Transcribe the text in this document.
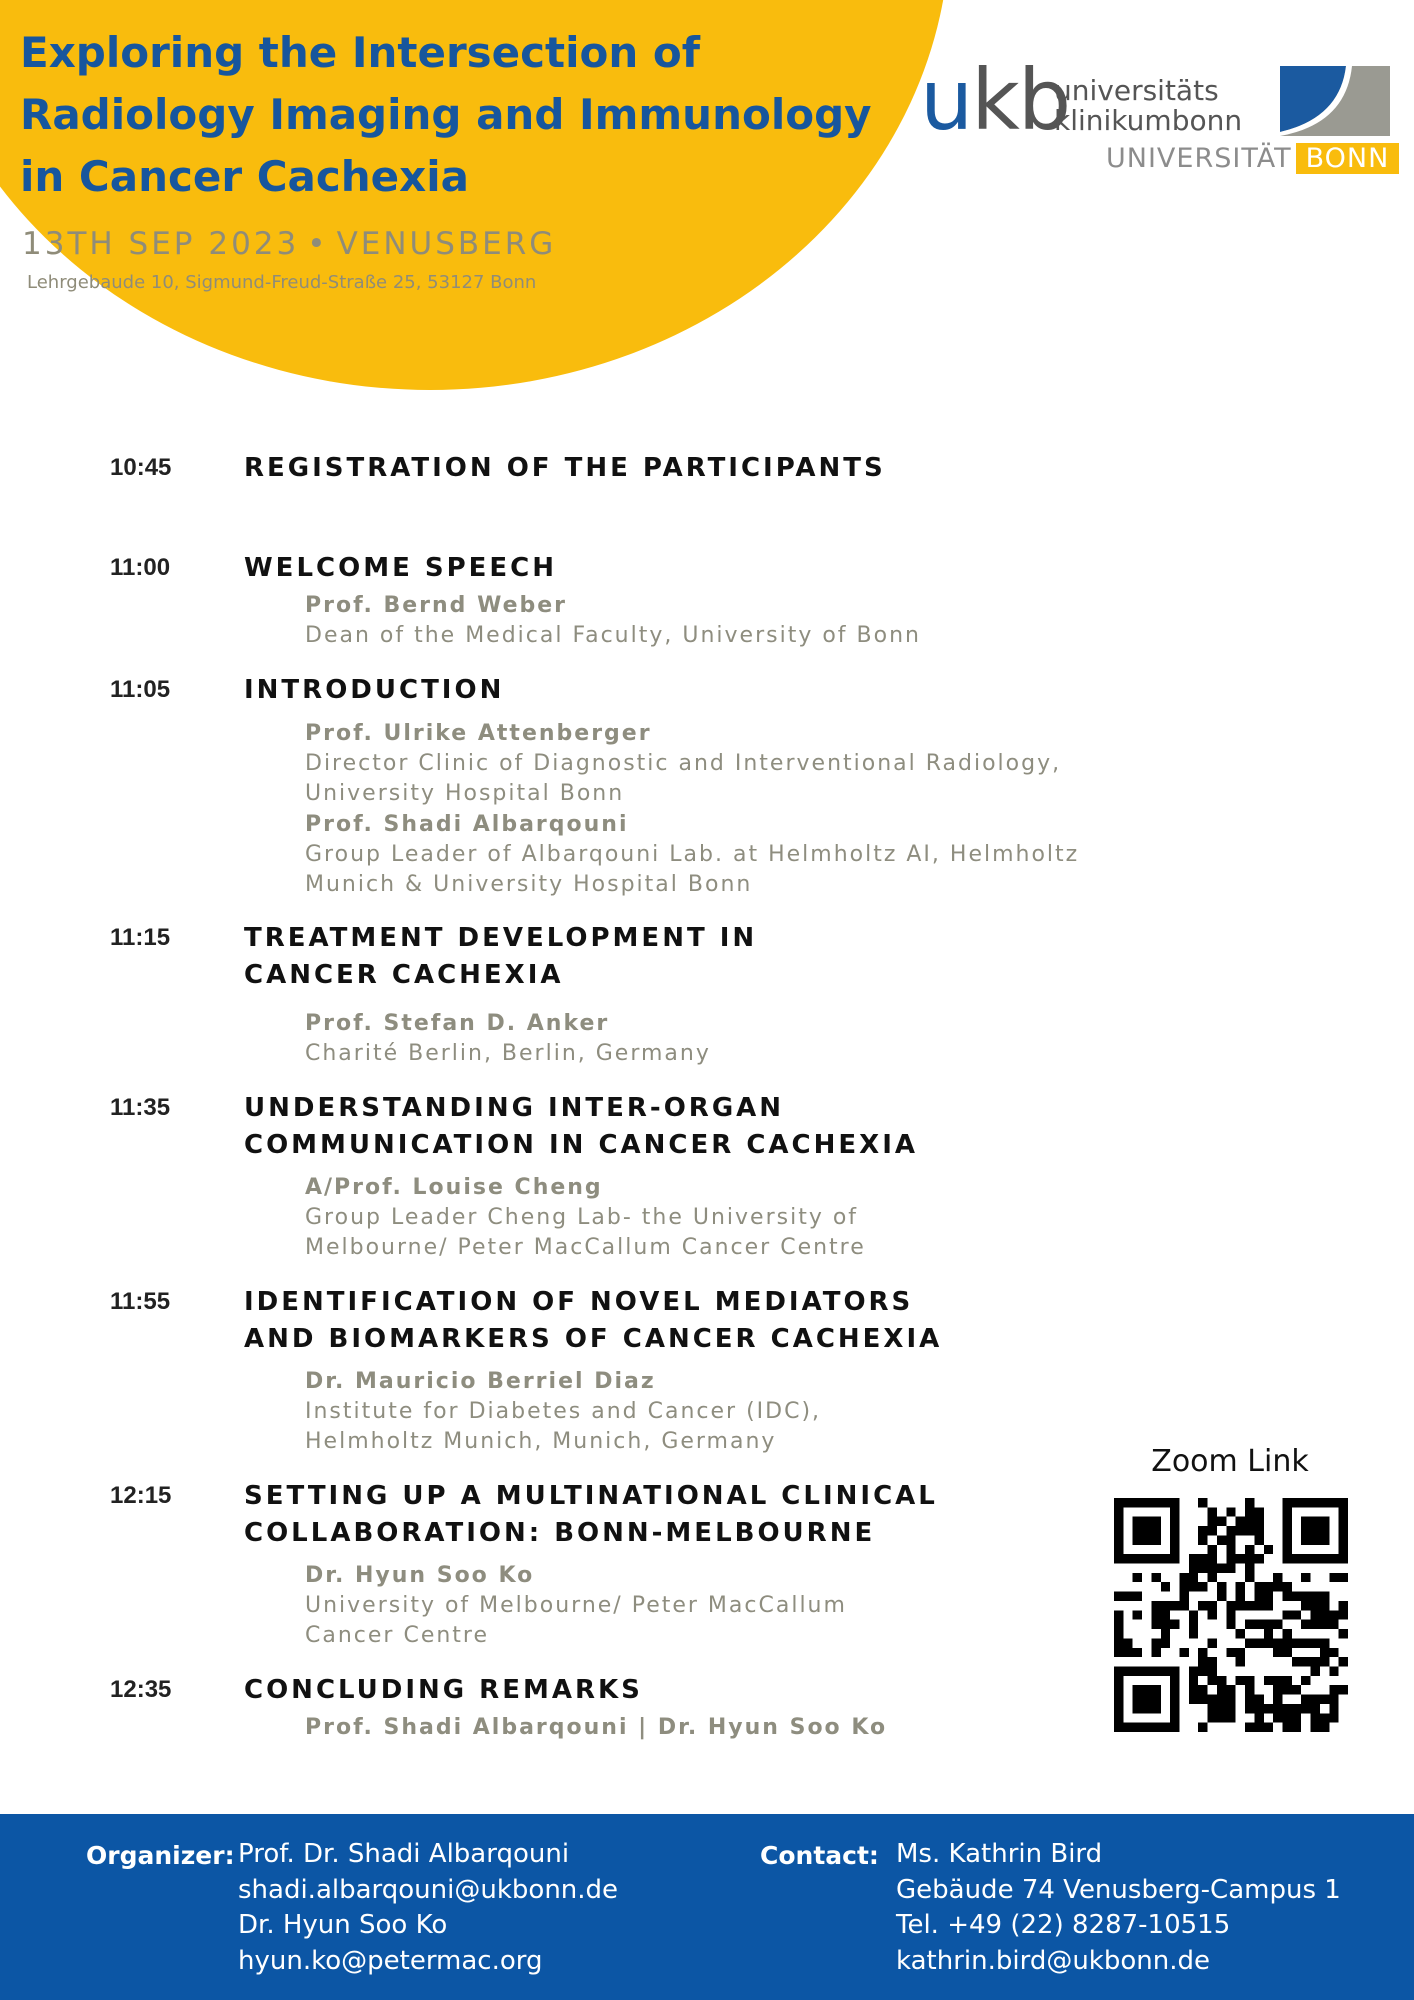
Exploring the Intersection of Radiology Imaging and Immunology in Cancer Cachexia
13TH SEP 2023 • VENUSBERG
Lehrgebaude 10, Sigmund-Freud-Straße 25, 53127 Bonn
ukb
universitäts
klinikumbonn
UNIVERSITÄT BONN
10:45	REGISTRATION OF THE PARTICIPANTS
11:00	WELCOME SPEECH
Prof. Bernd Weber
Dean of the Medical Faculty, University of Bonn
11:05	INTRODUCTION
Prof. Ulrike Attenberger
Director Clinic of Diagnostic and Interventional Radiology,
University Hospital Bonn
Prof. Shadi Albarqouni
Group Leader of Albarqouni Lab. at Helmholtz AI, Helmholtz
Munich & University Hospital Bonn
11:15	TREATMENT DEVELOPMENT IN CANCER CACHEXIA
Prof. Stefan D. Anker
Charité Berlin, Berlin, Germany
11:35	UNDERSTANDING INTER-ORGAN COMMUNICATION IN CANCER CACHEXIA
A/Prof. Louise Cheng
Group Leader Cheng Lab- the University of
Melbourne/ Peter MacCallum Cancer Centre
11:55	IDENTIFICATION OF NOVEL MEDIATORS AND BIOMARKERS OF CANCER CACHEXIA
Dr. Mauricio Berriel Diaz
Institute for Diabetes and Cancer (IDC),
Helmholtz Munich, Munich, Germany
12:15	SETTING UP A MULTINATIONAL CLINICAL COLLABORATION: BONN-MELBOURNE
Dr. Hyun Soo Ko
University of Melbourne/ Peter MacCallum
Cancer Centre
12:35	CONCLUDING REMARKS
Prof. Shadi Albarqouni | Dr. Hyun Soo Ko
Zoom Link
Organizer: Prof. Dr. Shadi Albarqouni
shadi.albarqouni@ukbonn.de
Dr. Hyun Soo Ko
hyun.ko@petermac.org
Contact: Ms. Kathrin Bird
Gebäude 74 Venusberg-Campus 1
Tel. +49 (22) 8287-10515
kathrin.bird@ukbonn.de
